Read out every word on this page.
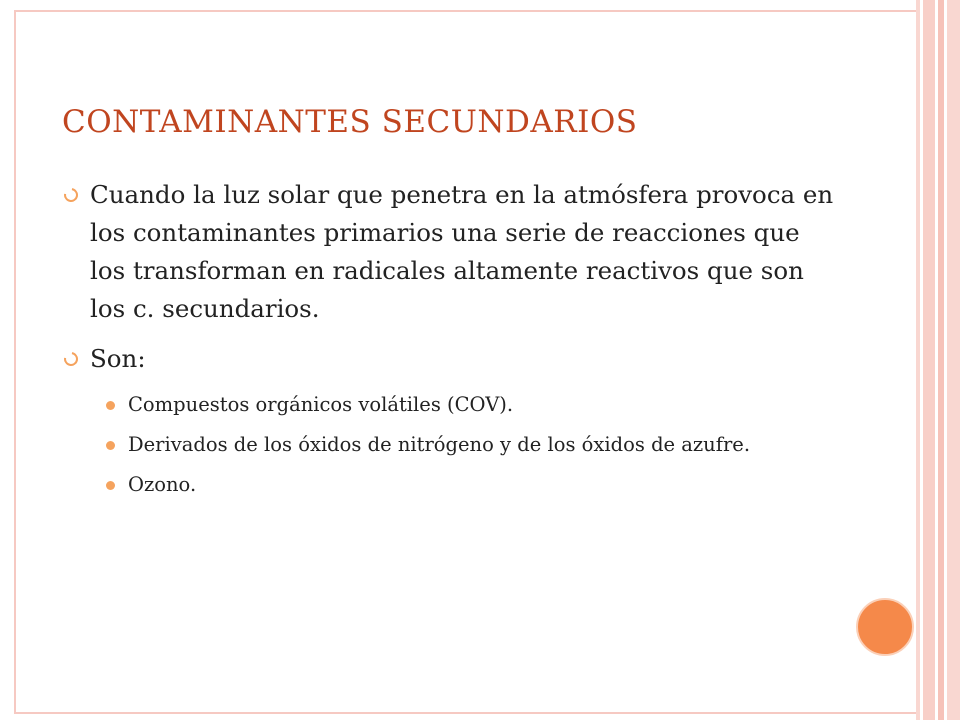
CONTAMINANTES SECUNDARIOS
Cuando la luz solar que penetra en la atmósfera provoca en los contaminantes primarios una serie de reacciones que los transforman en radicales altamente reactivos que son los c. secundarios.
Son:
Compuestos orgánicos volátiles (COV).
Derivados de los óxidos de nitrógeno y de los óxidos de azufre.
Ozono.
